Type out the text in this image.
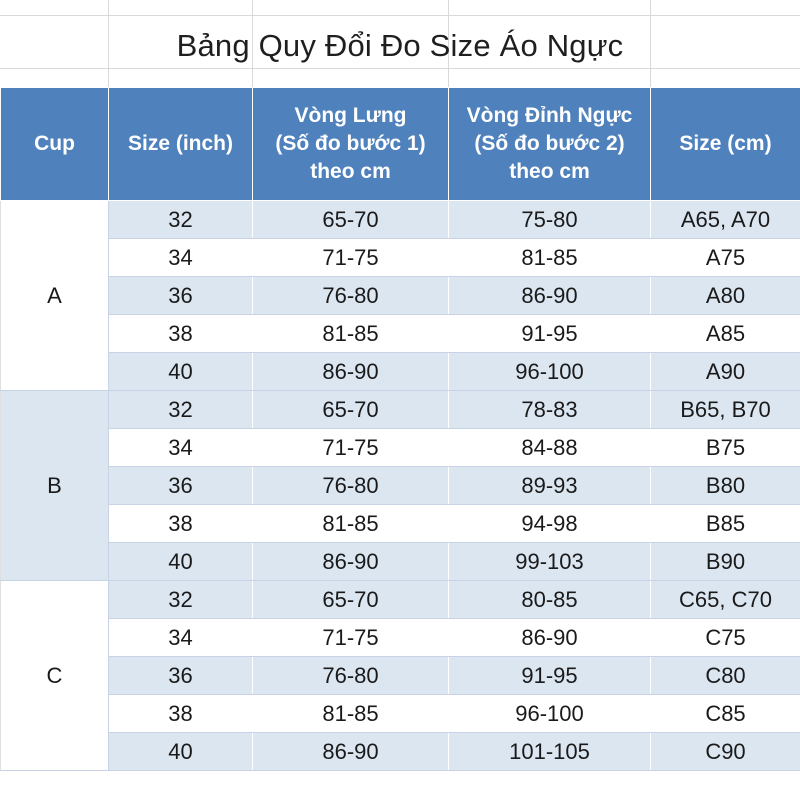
Bảng Quy Đổi Đo Size Áo Ngực
Cup	Size (inch)	Vòng Lưng
(Số đo bước 1)
theo cm	Vòng Đỉnh Ngực
(Số đo bước 2)
theo cm	Size (cm)
A	32	65-70	75-80	A65, A70
	34	71-75	81-85	A75
	36	76-80	86-90	A80
	38	81-85	91-95	A85
	40	86-90	96-100	A90
B	32	65-70	78-83	B65, B70
	34	71-75	84-88	B75
	36	76-80	89-93	B80
	38	81-85	94-98	B85
	40	86-90	99-103	B90
C	32	65-70	80-85	C65, C70
	34	71-75	86-90	C75
	36	76-80	91-95	C80
	38	81-85	96-100	C85
	40	86-90	101-105	C90
